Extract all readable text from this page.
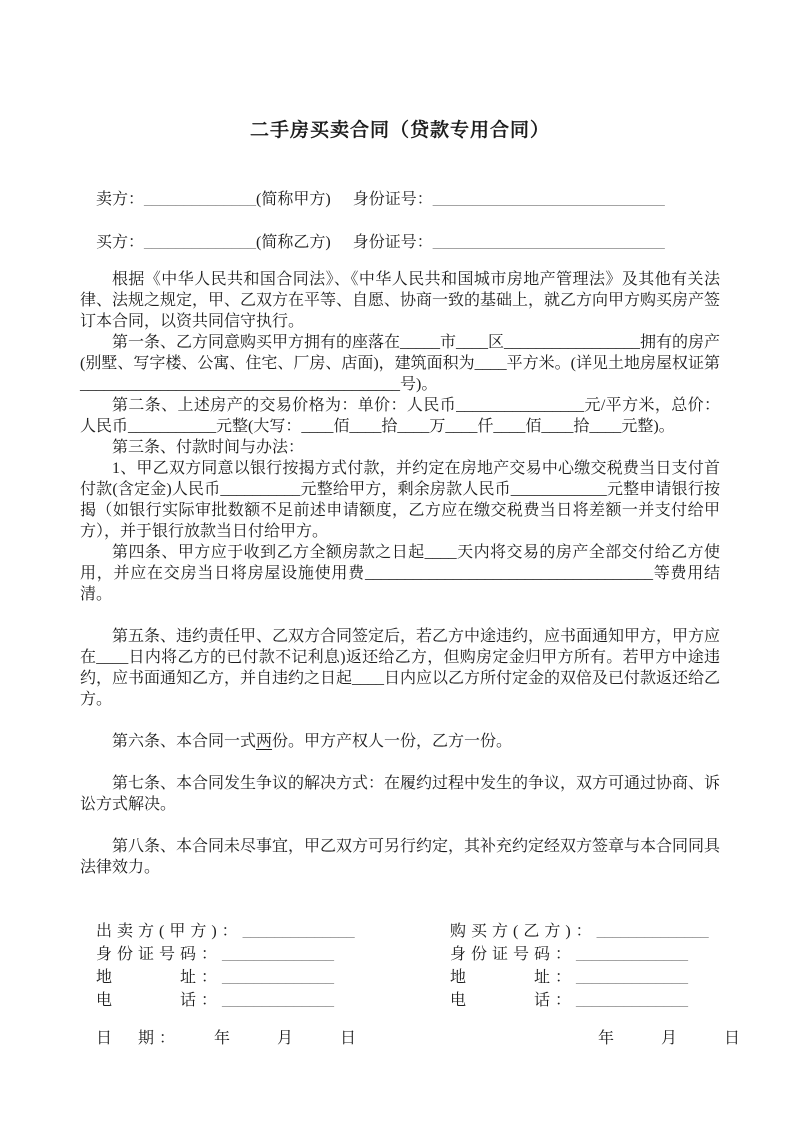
二手房买卖合同（贷款专用合同）
卖方：______________(简称甲方) 身份证号：_____________________________
买方：______________(简称乙方) 身份证号：_____________________________

根据《中华人民共和国合同法》、《中华人民共和国城市房地产管理法》及其他有关法律、法规之规定，甲、乙双方在平等、自愿、协商一致的基础上，就乙方向甲方购买房产签订本合同，以资共同信守执行。

第一条、乙方同意购买甲方拥有的座落在_____市____区_________________拥有的房产(别墅、写字楼、公寓、住宅、厂房、店面)，建筑面积为____平方米。(详见土地房屋权证第________________________________________号)。

第二条、上述房产的交易价格为：单价：人民币________________元/平方米，总价：人民币___________元整(大写：____佰____拾____万____仟____佰____拾____元整)。

第三条、付款时间与办法：

1、甲乙双方同意以银行按揭方式付款，并约定在房地产交易中心缴交税费当日支付首付款(含定金)人民币__________元整给甲方，剩余房款人民币____________元整申请银行按揭（如银行实际审批数额不足前述申请额度，乙方应在缴交税费当日将差额一并支付给甲方），并于银行放款当日付给甲方。

第四条、甲方应于收到乙方全额房款之日起____天内将交易的房产全部交付给乙方使用，并应在交房当日将房屋设施使用费____________________________________等费用结清。

第五条、违约责任甲、乙双方合同签定后，若乙方中途违约，应书面通知甲方，甲方应在____日内将乙方的已付款不记利息)返还给乙方，但购房定金归甲方所有。若甲方中途违约，应书面通知乙方，并自违约之日起____日内应以乙方所付定金的双倍及已付款返还给乙方。

第六条、本合同一式两份。甲方产权人一份，乙方一份。

第七条、本合同发生争议的解决方式：在履约过程中发生的争议，双方可通过协商、诉讼方式解决。

第八条、本合同未尽事宜，甲乙双方可另行约定，其补充约定经双方签章与本合同同具法律效力。

出卖方(甲方)：______________
身份证号码：______________
地　　　址：______________
电　　　话：______________
购买方(乙方)：______________
身份证号码：______________
地　　　址：______________
电　　　话：______________
日　期：　　年　　月　　日	年　　月　　日
